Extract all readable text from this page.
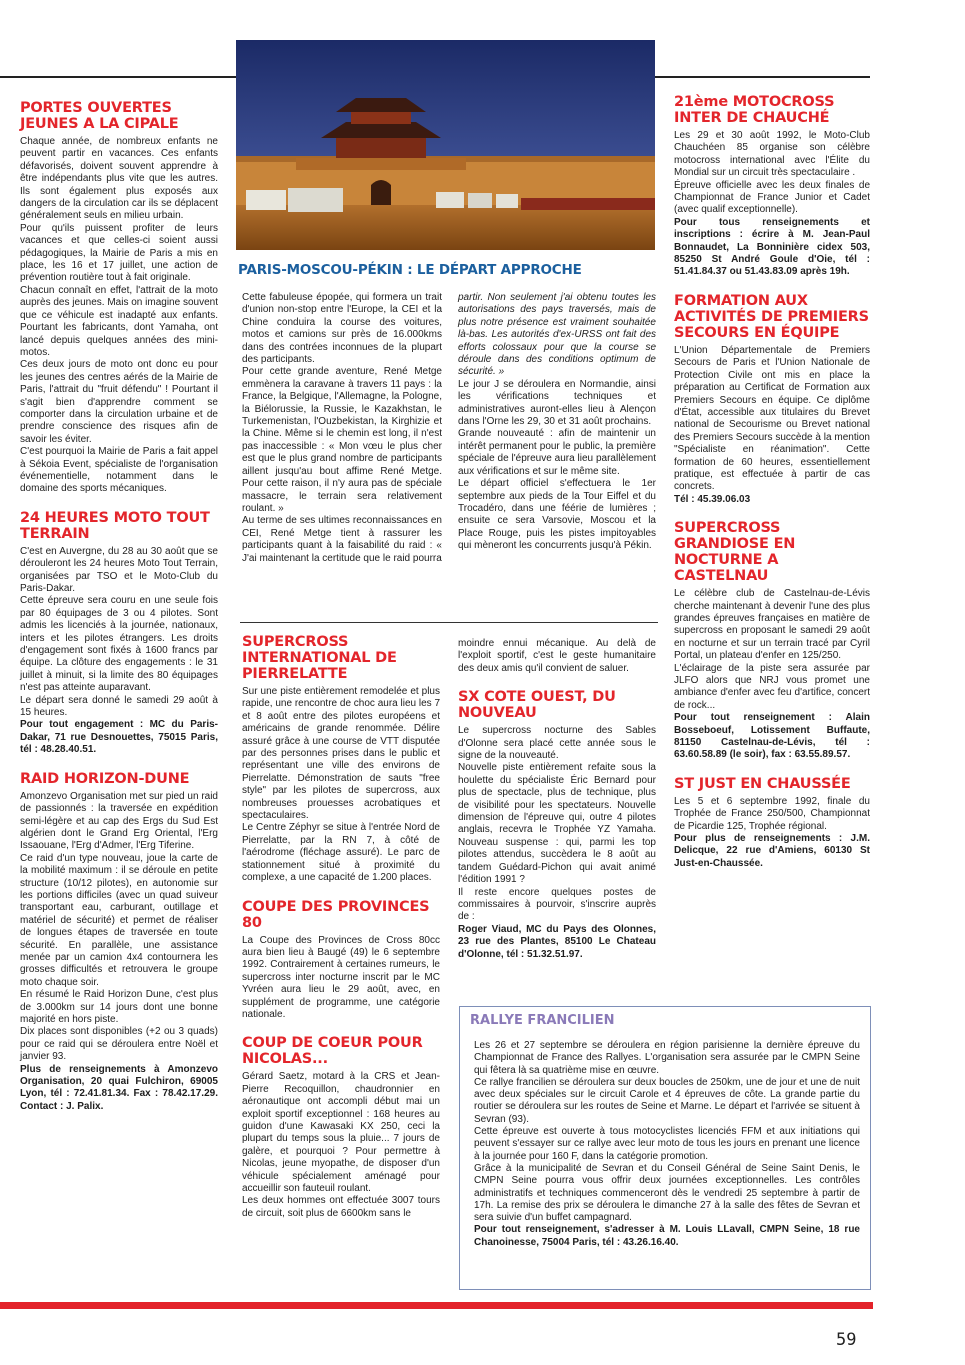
PORTES OUVERTES JEUNES A LA CIPALE

Chaque année, de nombreux enfants ne peuvent partir en vacances. Ces enfants défavorisés, doivent souvent apprendre à être indépendants plus vite que les autres. Ils sont également plus exposés aux dangers de la circulation car ils se déplacent généralement seuls en milieu urbain.

Pour qu'ils puissent profiter de leurs vacances et que celles-ci soient aussi pédagogiques, la Mairie de Paris a mis en place, les 16 et 17 juillet, une action de prévention routière tout à fait originale.

Chacun connaît en effet, l'attrait de la moto auprès des jeunes. Mais on imagine souvent que ce véhicule est inadapté aux enfants. Pourtant les fabricants, dont Yamaha, ont lancé depuis quelques années des mini-motos.

Ces deux jours de moto ont donc eu pour les jeunes des centres aérés de la Mairie de Paris, l'attrait du "fruit défendu" ! Pourtant il s'agit bien d'apprendre comment se comporter dans la circulation urbaine et de prendre conscience des risques afin de savoir les éviter.

C'est pourquoi la Mairie de Paris a fait appel à Sékoia Event, spécialiste de l'organisation événementielle, notamment dans le domaine des sports mécaniques.

24 HEURES MOTO TOUT TERRAIN

C'est en Auvergne, du 28 au 30 août que se dérouleront les 24 heures Moto Tout Terrain, organisées par TSO et le Moto-Club du Paris-Dakar.

Cette épreuve sera couru en une seule fois par 80 équipages de 3 ou 4 pilotes. Sont admis les licenciés à la journée, nationaux, inters et les pilotes étrangers. Les droits d'engagement sont fixés à 1600 francs par équipe. La clôture des engagements : le 31 juillet à minuit, si la limite des 80 équipages n'est pas atteinte auparavant.

Le départ sera donné le samedi 29 août à 15 heures.

Pour tout engagement : MC du Paris-Dakar, 71 rue Desnouettes, 75015 Paris, tél : 48.28.40.51.

RAID HORIZON-DUNE

Amonzevo Organisation met sur pied un raid de passionnés : la traversée en expédition semi-légère et au cap des Ergs du Sud Est algérien dont le Grand Erg Oriental, l'Erg Issaouane, l'Erg d'Admer, l'Erg Tiferine.

Ce raid d'un type nouveau, joue la carte de la mobilité maximum : il se déroule en petite structure (10/12 pilotes), en autonomie sur les portions difficiles (avec un quad suiveur transportant eau, carburant, outillage et matériel de sécurité) et permet de réaliser de longues étapes de traversée en toute sécurité. En parallèle, une assistance menée par un camion 4x4 contournera les grosses difficultés et retrouvera le groupe moto chaque soir.

En résumé le Raid Horizon Dune, c'est plus de 3.000km sur 14 jours dont une bonne majorité en hors piste.

Dix places sont disponibles (+2 ou 3 quads) pour ce raid qui se déroulera entre Noël et janvier 93.

Plus de renseignements à Amonzevo Organisation, 20 quai Fulchiron, 69005 Lyon, tél : 72.41.81.34. Fax : 78.42.17.29. Contact : J. Palix.

PARIS-MOSCOU-PÉKIN : LE DÉPART APPROCHE

Cette fabuleuse épopée, qui formera un trait d'union non-stop entre l'Europe, la CEI et la Chine conduira la course des voitures, motos et camions sur près de 16.000kms dans des contrées inconnues de la plupart des participants.

Pour cette grande aventure, René Metge emmènera la caravane à travers 11 pays : la France, la Belgique, l'Allemagne, la Pologne, la Biélorussie, la Russie, le Kazakhstan, le Turkemenistan, l'Ouzbekistan, la Kirghizie et la Chine. Même si le chemin est long, il n'est pas inaccessible : « Mon vœu le plus cher est que le plus grand nombre de participants aillent jusqu'au bout affime René Metge. Pour cette raison, il n'y aura pas de spéciale massacre, le terrain sera relativement roulant. »

Au terme de ses ultimes reconnaissances en CEI, René Metge tient à rassurer les participants quant à la faisabilité du raid : « J'ai maintenant la certitude que le raid pourra

partir. Non seulement j'ai obtenu toutes les autorisations des pays traversés, mais de plus notre présence est vraiment souhaitée là-bas. Les autorités d'ex-URSS ont fait des efforts colossaux pour que la course se déroule dans des conditions optimum de sécurité. »

Le jour J se déroulera en Normandie, ainsi les vérifications techniques et administratives auront-elles lieu à Alençon dans l'Orne les 29, 30 et 31 août prochains.

Grande nouveauté : afin de maintenir un intérêt permanent pour le public, la première spéciale de l'épreuve aura lieu parallèlement aux vérifications et sur le même site.

Le départ officiel s'effectuera le 1er septembre aux pieds de la Tour Eiffel et du Trocadéro, dans une féérie de lumières ; ensuite ce sera Varsovie, Moscou et la Place Rouge, puis les pistes impitoyables qui mèneront les concurrents jusqu'à Pékin.

SUPERCROSS INTERNATIONAL DE PIERRELATTE

Sur une piste entièrement remodelée et plus rapide, une rencontre de choc aura lieu les 7 et 8 août entre des pilotes européens et américains de grande renommée. Délire assuré grâce à une course de VTT disputée par des personnes prises dans le public et représentant une ville des environs de Pierrelatte. Démonstration de sauts "free style" par les pilotes de supercross, aux nombreuses prouesses acrobatiques et spectaculaires.

Le Centre Zéphyr se situe à l'entrée Nord de Pierrelatte, par la RN 7, à côté de l'aérodrome (fléchage assuré). Le parc de stationnement situé à proximité du complexe, a une capacité de 1.200 places.

COUPE DES PROVINCES 80

La Coupe des Provinces de Cross 80cc aura bien lieu à Baugé (49) le 6 septembre 1992. Contrairement à certaines rumeurs, le supercross inter nocturne inscrit par le MC Yvréen aura lieu le 29 août, avec, en supplément de programme, une catégorie nationale.

COUP DE COEUR POUR NICOLAS...

Gérard Saetz, motard à la CRS et Jean-Pierre Recoquillon, chaudronnier en aéronautique ont accompli début mai un exploit sportif exceptionnel : 168 heures au guidon d'une Kawasaki KX 250, ceci la plupart du temps sous la pluie... 7 jours de galère, et pourquoi ? Pour permettre à Nicolas, jeune myopathe, de disposer d'un véhicule spécialement aménagé pour accueillir son fauteuil roulant.

Les deux hommes ont effectuée 3007 tours de circuit, soit plus de 6600km sans le

moindre ennui mécanique. Au delà de l'exploit sportif, c'est le geste humanitaire des deux amis qu'il convient de saluer.

SX COTE OUEST, DU NOUVEAU

Le supercross nocturne des Sables d'Olonne sera placé cette année sous le signe de la nouveauté.

Nouvelle piste entièrement refaite sous la houlette du spécialiste Éric Bernard pour plus de spectacle, plus de technique, plus de visibilité pour les spectateurs. Nouvelle dimension de l'épreuve qui, outre 4 pilotes anglais, recevra le Trophée YZ Yamaha. Nouveau suspense : qui, parmi les top pilotes attendus, succèdera le 8 août au tandem Guédard-Pichon qui avait animé l'édition 1991 ?

Il reste encore quelques postes de commissaires à pourvoir, s'inscrire auprès de :

Roger Viaud, MC du Pays des Olonnes, 23 rue des Plantes, 85100 Le Chateau d'Olonne, tél : 51.32.51.97.

21ème MOTOCROSS INTER DE CHAUCHÉ

Les 29 et 30 août 1992, le Moto-Club Chauchéen 85 organise son célèbre motocross international avec l'Élite du Mondial sur un circuit très spectaculaire .

Épreuve officielle avec les deux finales de Championnat de France Junior et Cadet (avec qualif exceptionnelle).

Pour tous renseignements et inscriptions : écrire à M. Jean-Paul Bonnaudet, La Bonninière cidex 503, 85250 St André Goule d'Oie, tél : 51.41.84.37 ou 51.43.83.09 après 19h.

FORMATION AUX ACTIVITÉS DE PREMIERS SECOURS EN ÉQUIPE

L'Union Départementale de Premiers Secours de Paris et l'Union Nationale de Protection Civile ont mis en place la préparation au Certificat de Formation aux Premiers Secours en équipe. Ce diplôme d'État, accessible aux titulaires du Brevet national de Secourisme ou Brevet national des Premiers Secours succède à la mention "Spécialiste en réanimation". Cette formation de 60 heures, essentiellement pratique, est effectuée à partir de cas concrets.

Tél : 45.39.06.03

SUPERCROSS GRANDIOSE EN NOCTURNE A CASTELNAU

Le célèbre club de Castelnau-de-Lévis cherche maintenant à devenir l'une des plus grandes épreuves françaises en matière de supercross en proposant le samedi 29 août en nocturne et sur un terrain tracé par Cyril Portal, un plateau d'enfer en 125/250.

L'éclairage de la piste sera assurée par JLFO alors que NRJ vous promet une ambiance d'enfer avec feu d'artifice, concert de rock...

Pour tout renseignement : Alain Bosseboeuf, Lotissement Buffaute, 81150 Castelnau-de-Lévis, tél : 63.60.58.89 (le soir), fax : 63.55.89.57.

ST JUST EN CHAUSSÉE

Les 5 et 6 septembre 1992, finale du Trophée de France 250/500, Championnat de Picardie 125, Trophée régional.

Pour plus de renseignements : J.M. Delicque, 22 rue d'Amiens, 60130 St Just-en-Chaussée.

RALLYE FRANCILIEN

Les 26 et 27 septembre se déroulera en région parisienne la dernière épreuve du Championnat de France des Rallyes. L'organisation sera assurée par le CMPN Seine qui fêtera là sa quatrième mise en œuvre.

Ce rallye francilien se déroulera sur deux boucles de 250km, une de jour et une de nuit avec deux spéciales sur le circuit Carole et 4 épreuves de côte. La grande partie du routier se déroulera sur les routes de Seine et Marne. Le départ et l'arrivée se situent à Sevran (93).

Cette épreuve est ouverte à tous motocyclistes licenciés FFM et aux initiations qui peuvent s'essayer sur ce rallye avec leur moto de tous les jours en prenant une licence à la journée pour 160 F, dans la catégorie promotion.

Grâce à la municipalité de Sevran et du Conseil Général de Seine Saint Denis, le CMPN Seine pourra vous offrir deux journées exceptionnelles. Les contrôles administratifs et techniques commenceront dès le vendredi 25 septembre à partir de 17h. La remise des prix se déroulera le dimanche 27 à la salle des fêtes de Sevran et sera suivie d'un buffet campagnard.

Pour tout renseignement, s'adresser à M. Louis LLavall, CMPN Seine, 18 rue Chanoinesse, 75004 Paris, tél : 43.26.16.40.

59
